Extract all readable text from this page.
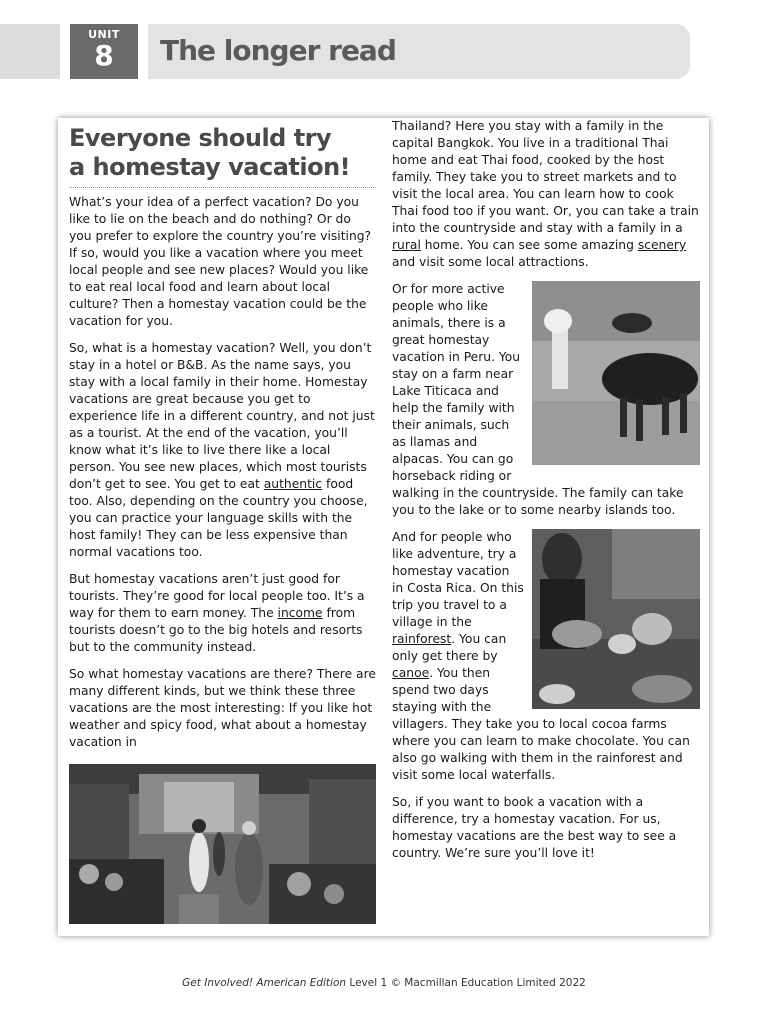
UNIT
8	The longer read
Everyone should try
a homestay vacation!

What’s your idea of a perfect vacation? Do you like to lie on the beach and do nothing? Or do you prefer to explore the country you’re visiting? If so, would you like a vacation where you meet local people and see new places? Would you like to eat real local food and learn about local culture? Then a homestay vacation could be the vacation for you.

So, what is a homestay vacation? Well, you don’t stay in a hotel or B&B. As the name says, you stay with a local family in their home. Homestay vacations are great because you get to experience life in a different country, and not just as a tourist. At the end of the vacation, you’ll know what it’s like to live there like a local person. You see new places, which most tourists don’t get to see. You get to eat authentic food too. Also, depending on the country you choose, you can practice your language skills with the host family! They can be less expensive than normal vacations too.

But homestay vacations aren’t just good for tourists. They’re good for local people too. It’s a way for them to earn money. The income from tourists doesn’t go to the big hotels and resorts but to the community instead.

So what homestay vacations are there? There are many different kinds, but we think these three vacations are the most interesting: If you like hot weather and spicy food, what about a homestay vacation in

Thailand? Here you stay with a family in the capital Bangkok. You live in a traditional Thai home and eat Thai food, cooked by the host family. They take you to street markets and to visit the local area. You can learn how to cook Thai food too if you want. Or, you can take a train into the countryside and stay with a family in a rural home. You can see some amazing scenery and visit some local attractions.

Or for more active people who like animals, there is a great homestay vacation in Peru. You stay on a farm near Lake Titicaca and help the family with their animals, such as llamas and alpacas. You can go horseback riding or walking in the countryside. The family can take you to the lake or to some nearby islands too.

And for people who like adventure, try a homestay vacation in Costa Rica. On this trip you travel to a village in the rainforest. You can only get there by canoe. You then spend two days staying with the villagers. They take you to local cocoa farms where you can learn to make chocolate. You can also go walking with them in the rainforest and visit some local waterfalls.

So, if you want to book a vacation with a difference, try a homestay vacation. For us, homestay vacations are the best way to see a country. We’re sure you’ll love it!

Get Involved! American Edition Level 1 © Macmillan Education Limited 2022
